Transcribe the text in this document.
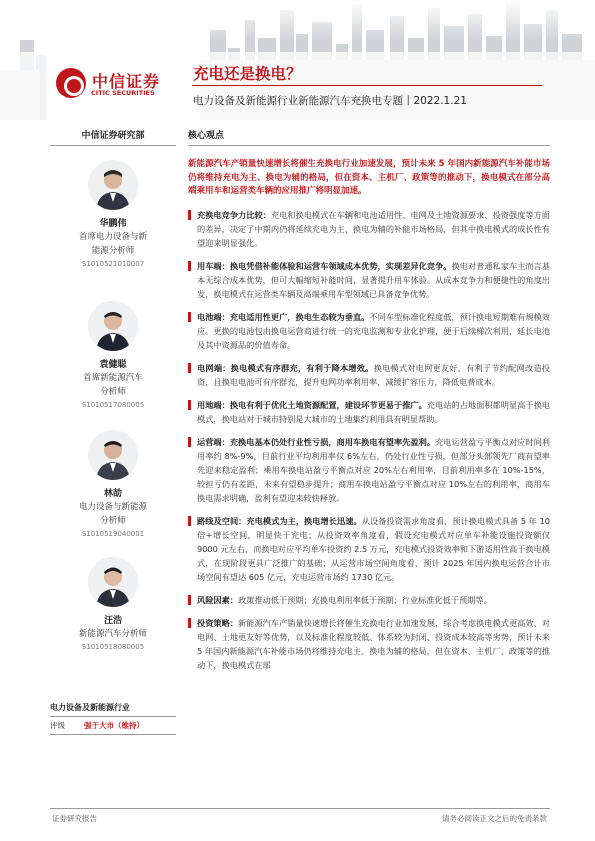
中信证券
CITIC SECURITIES
充电还是换电？
电力设备及新能源行业新能源汽车充换电专题丨2022.1.21
中信证券研究部
华鹏伟
首席电力设备与新
能源分析师
S1010521010007
袁健聪
首席新能源汽车
分析师
S1010517080005
林劼
电力设备与新能源
分析师
S1010519040001
汪浩
新能源汽车分析师
S1010518080005
电力设备及新能源行业
评级	强于大市（维持）
核心观点
新能源汽车产销量快速增长将催生充换电行业加速发展，预计未来 5 年国内新能源汽车补能市场仍将维持充电为主、换电为辅的格局，但在资本、主机厂、政策等的推动下，换电模式在部分高端乘用车和运营类车辆的应用推广将明显加速。
充换电竞争力比较：充电和换电模式在车辆和电池适用性、电网及土地资源要求、投资强度等方面的差异，决定了中期内仍将延续充电为主、换电为辅的补能市场格局，但其中换电模式的成长性有望迎来明显强化。
用车端：换电凭借补能体验和运营车领域成本优势，实现差异化竞争。换电对普通私家车主而言基本无综合成本优势，但可大幅缩短补能时间，显著提升用车体验。从成本竞争力和便捷性的角度出发，换电模式在运营类车辆及高端乘用车型领域已具备竞争优势。
电池端：充电适用性更广，换电生态较为垂直。不同车型标准化程度低，预计换电短期难有规模效应。更换的电池包由换电运营商进行统一的充电监测和专业化护理，便于后续梯次利用，延长电池及其中资源品的价值寿命。
电网端：换电模式有序群充，有利于降本增效。换电模式对电网更友好，有利于节约配网改造投资，且换电电池可有序群充，提升电网功率利用率，减缓扩容压力，降低电费成本。
用地端：换电有利于优化土地资源配置，建设环节更易于推广。充电站的占地面积都明显高于换电模式，换电站对于城市特别是大城市的土地集约利用具有明显帮助。
运营端：充换电基本仍处行业性亏损，商用车换电有望率先盈利。充电运营盈亏平衡点对应时间利用率约 8%-9%，目前行业平均利用率仅 6%左右，仍处行业性亏损，但部分头部领先厂商有望率先迎来稳定盈利；乘用车换电站盈亏平衡点对应 20%左右利用率，目前利用率多在 10%-15%，较担亏仍有差距，未来有望稳步提升；商用车换电站盈亏平衡点对应 10%左右的利用率，商用车换电需求明确，盈利有望迎来较快释放。
路线及空间：充电模式为主，换电增长迅速。从设备投资需求角度看，预计换电模式具备 5 年 10 倍+增长空间，明显快于充电；从投资效率角度看，假设充电模式对应单车补能设施投资额仅 9000 元左右，而换电对应平均单车投资约 2.5 万元，充电模式投资效率和下游适用性高于换电模式，在现阶段更具广泛推广的基础；从运营市场空间角度看，预计 2025 年国内换电运营合计市场空间有望达 605 亿元，充电运营市场约 1730 亿元。
风险因素：政策推动低于预期；充换电利用率低于预期；行业标准化低于预期等。
投资策略：新能源汽车产销量快速增长将催生充换电行业加速发展，综合考虑换电模式更高效、对电网、土地更友好等优势，以及标准化程度较低、体系较为封闭、投资成本较高等劣势，预计未来 5 年国内新能源汽车补能市场仍将维持充电主、换电为辅的格局，但在资本、主机厂、政策等的推动下，换电模式在部
证券研究报告	请务必阅读正文之后的免责条款
